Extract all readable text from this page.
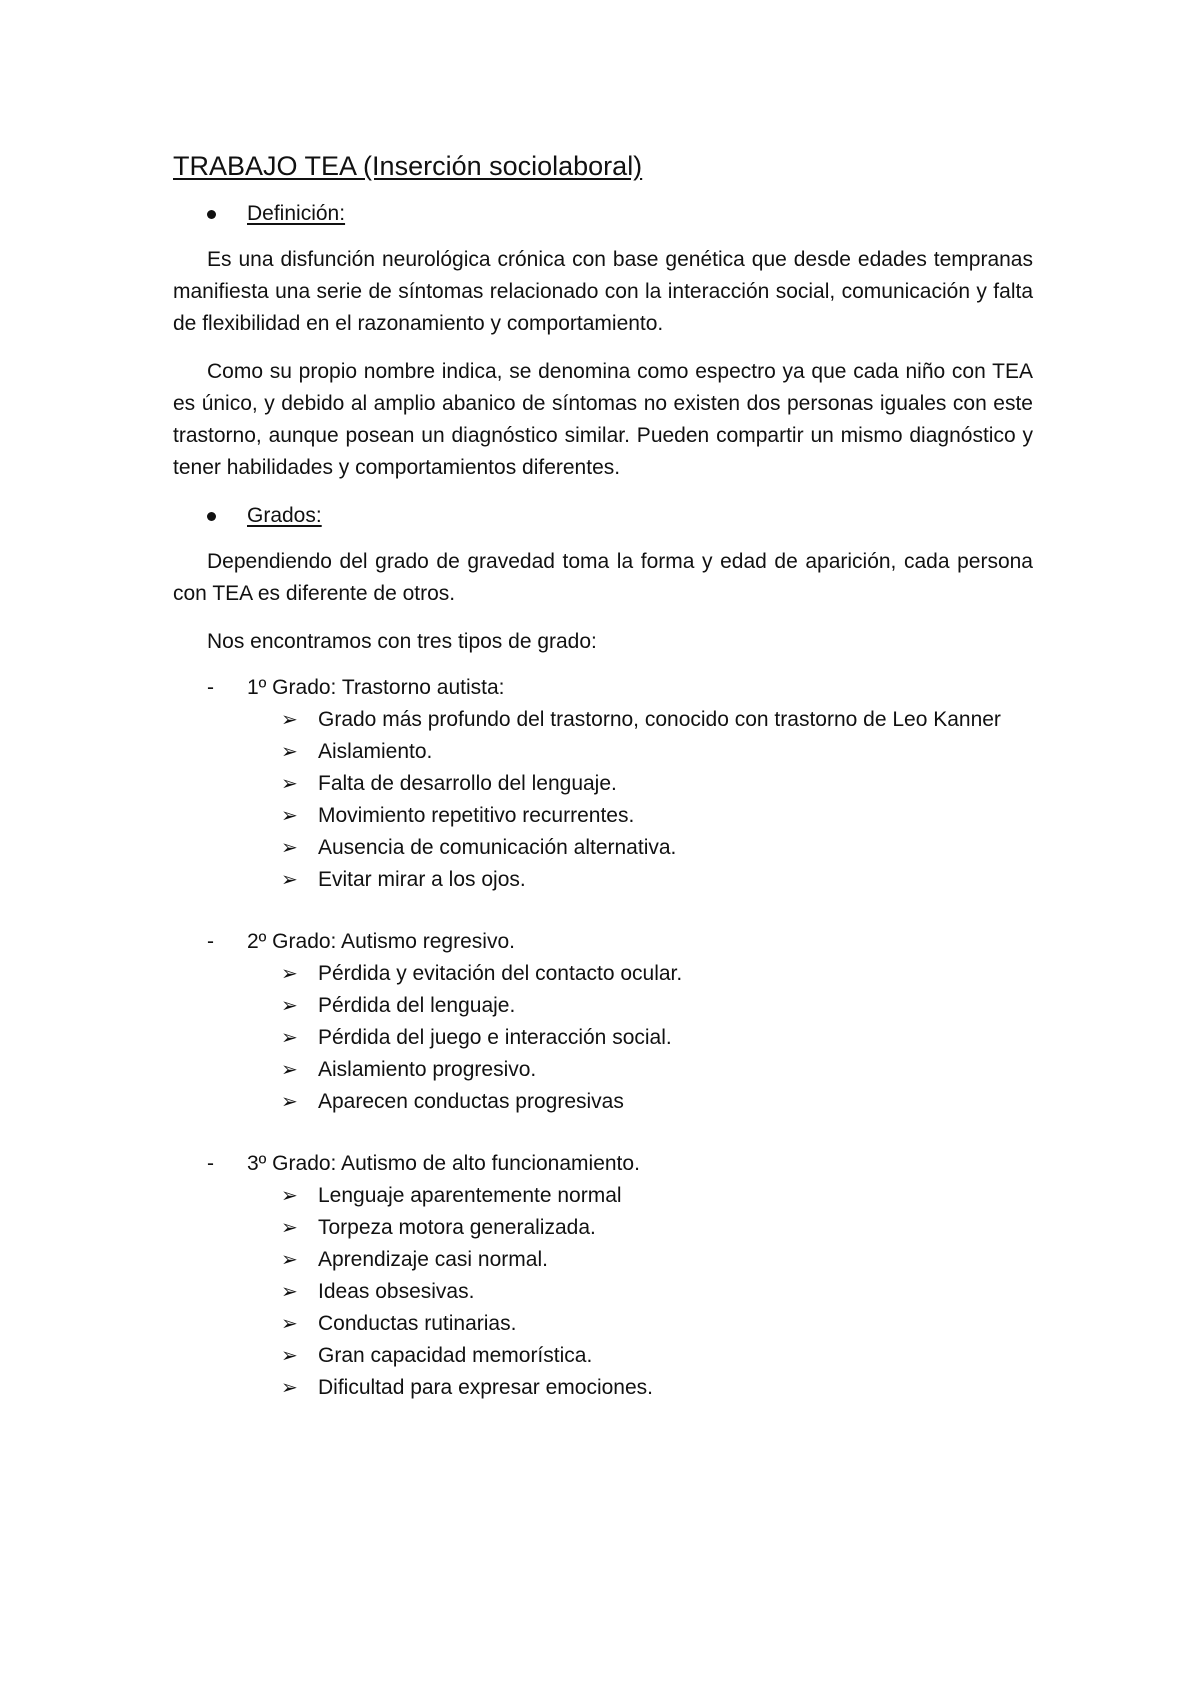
TRABAJO TEA (Inserción sociolaboral)
Definición:

Es una disfunción neurológica crónica con base genética que desde edades tempranas manifiesta una serie de síntomas relacionado con la interacción social, comunicación y falta de flexibilidad en el razonamiento y comportamiento.

Como su propio nombre indica, se denomina como espectro ya que cada niño con TEA es único, y debido al amplio abanico de síntomas no existen dos personas iguales con este trastorno, aunque posean un diagnóstico similar. Pueden compartir un mismo diagnóstico y tener habilidades y comportamientos diferentes.

Grados:

Dependiendo del grado de gravedad toma la forma y edad de aparición, cada persona con TEA es diferente de otros.

Nos encontramos con tres tipos de grado:
- 1º Grado: Trastorno autista:
➢ Grado más profundo del trastorno, conocido con trastorno de Leo Kanner
➢ Aislamiento.
➢ Falta de desarrollo del lenguaje.
➢ Movimiento repetitivo recurrentes.
➢ Ausencia de comunicación alternativa.
➢ Evitar mirar a los ojos.
- 2º Grado: Autismo regresivo.
➢ Pérdida y evitación del contacto ocular.
➢ Pérdida del lenguaje.
➢ Pérdida del juego e interacción social.
➢ Aislamiento progresivo.
➢ Aparecen conductas progresivas
- 3º Grado: Autismo de alto funcionamiento.
➢ Lenguaje aparentemente normal
➢ Torpeza motora generalizada.
➢ Aprendizaje casi normal.
➢ Ideas obsesivas.
➢ Conductas rutinarias.
➢ Gran capacidad memorística.
➢ Dificultad para expresar emociones.
